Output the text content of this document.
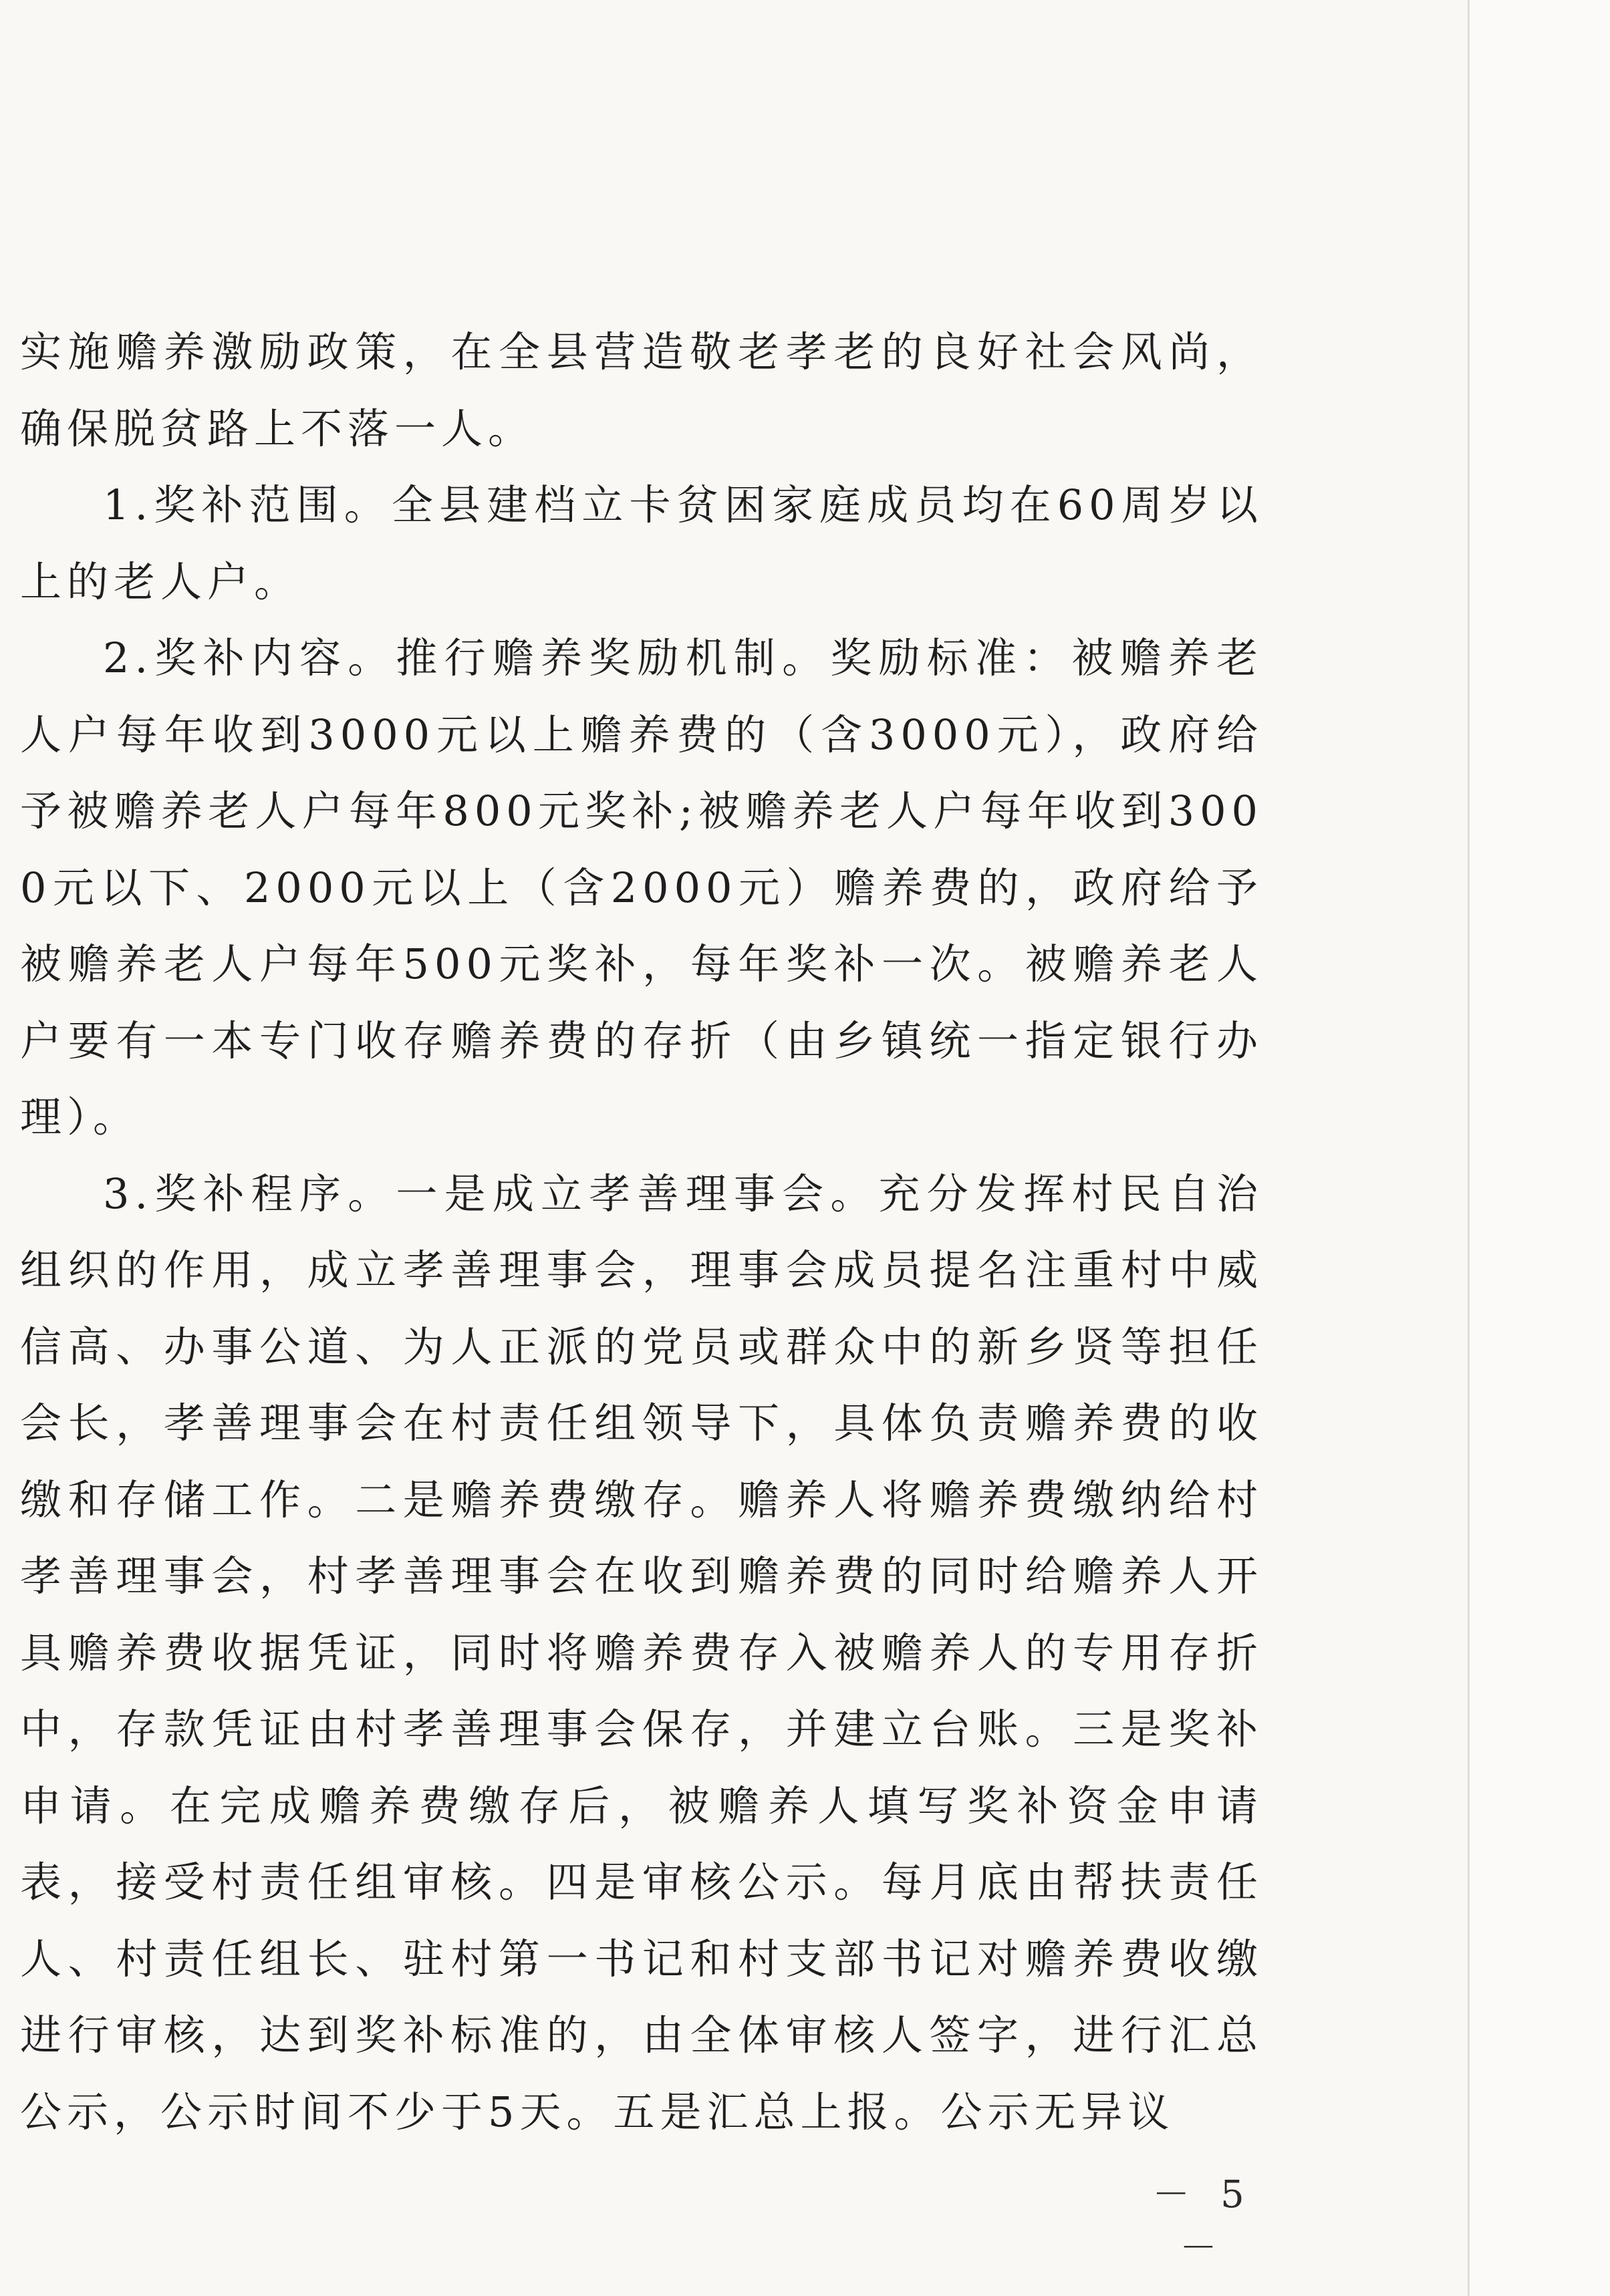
实施赡养激励政策，在全县营造敬老孝老的良好社会风尚，确保脱贫路上不落一人。

1.奖补范围。全县建档立卡贫困家庭成员均在60周岁以上的老人户。

2.奖补内容。推行赡养奖励机制。奖励标准：被赡养老人户每年收到3000元以上赡养费的（含3000元），政府给予被赡养老人户每年800元奖补;被赡养老人户每年收到3000元以下、2000元以上（含2000元）赡养费的，政府给予被赡养老人户每年500元奖补，每年奖补一次。被赡养老人户要有一本专门收存赡养费的存折（由乡镇统一指定银行办理）。

3.奖补程序。一是成立孝善理事会。充分发挥村民自治组织的作用，成立孝善理事会，理事会成员提名注重村中威信高、办事公道、为人正派的党员或群众中的新乡贤等担任会长，孝善理事会在村责任组领导下，具体负责赡养费的收缴和存储工作。二是赡养费缴存。赡养人将赡养费缴纳给村孝善理事会，村孝善理事会在收到赡养费的同时给赡养人开具赡养费收据凭证，同时将赡养费存入被赡养人的专用存折中，存款凭证由村孝善理事会保存，并建立台账。三是奖补申请。在完成赡养费缴存后，被赡养人填写奖补资金申请表，接受村责任组审核。四是审核公示。每月底由帮扶责任人、村责任组长、驻村第一书记和村支部书记对赡养费收缴进行审核，达到奖补标准的，由全体审核人签字，进行汇总公示，公示时间不少于5天。五是汇总上报。公示无异议

－ 5 －
